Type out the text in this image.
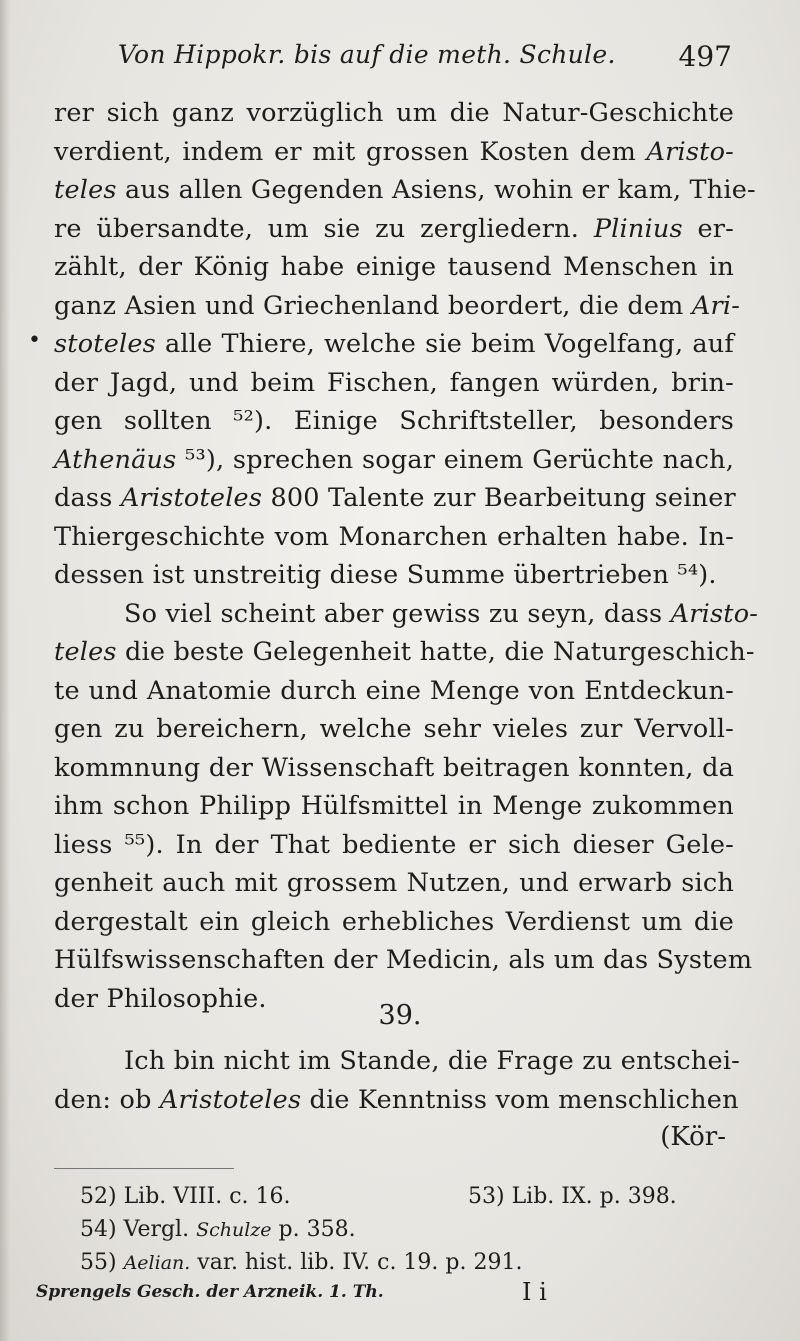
Von Hippokr. bis auf die meth. Schule. 497
•
rer sich ganz vorzüglich um die Natur-Geschichte
verdient, indem er mit grossen Kosten dem Aristo-
teles aus allen Gegenden Asiens, wohin er kam, Thie-
re übersandte, um sie zu zergliedern. Plinius er-
zählt, der König habe einige tausend Menschen in
ganz Asien und Griechenland beordert, die dem Ari-
stoteles alle Thiere, welche sie beim Vogelfang, auf
der Jagd, und beim Fischen, fangen würden, brin-
gen sollten ⁵²). Einige Schriftsteller, besonders
Athenäus ⁵³), sprechen sogar einem Gerüchte nach,
dass Aristoteles 800 Talente zur Bearbeitung seiner
Thiergeschichte vom Monarchen erhalten habe. In-
dessen ist unstreitig diese Summe übertrieben ⁵⁴).
So viel scheint aber gewiss zu seyn, dass Aristo-
teles die beste Gelegenheit hatte, die Naturgeschich-
te und Anatomie durch eine Menge von Entdeckun-
gen zu bereichern, welche sehr vieles zur Vervoll-
kommnung der Wissenschaft beitragen konnten, da
ihm schon Philipp Hülfsmittel in Menge zukommen
liess ⁵⁵). In der That bediente er sich dieser Gele-
genheit auch mit grossem Nutzen, und erwarb sich
dergestalt ein gleich erhebliches Verdienst um die
Hülfswissenschaften der Medicin, als um das System
der Philosophie.
39.
Ich bin nicht im Stande, die Frage zu entschei-
den: ob Aristoteles die Kenntniss vom menschlichen
(Kör-
52) Lib. VIII. c. 16.	53) Lib. IX. p. 398.
54) Vergl. Schulze p. 358.
55) Aelian. var. hist. lib. IV. c. 19. p. 291.
Sprengels Gesch. der Arzneik. 1. Th.	I i
